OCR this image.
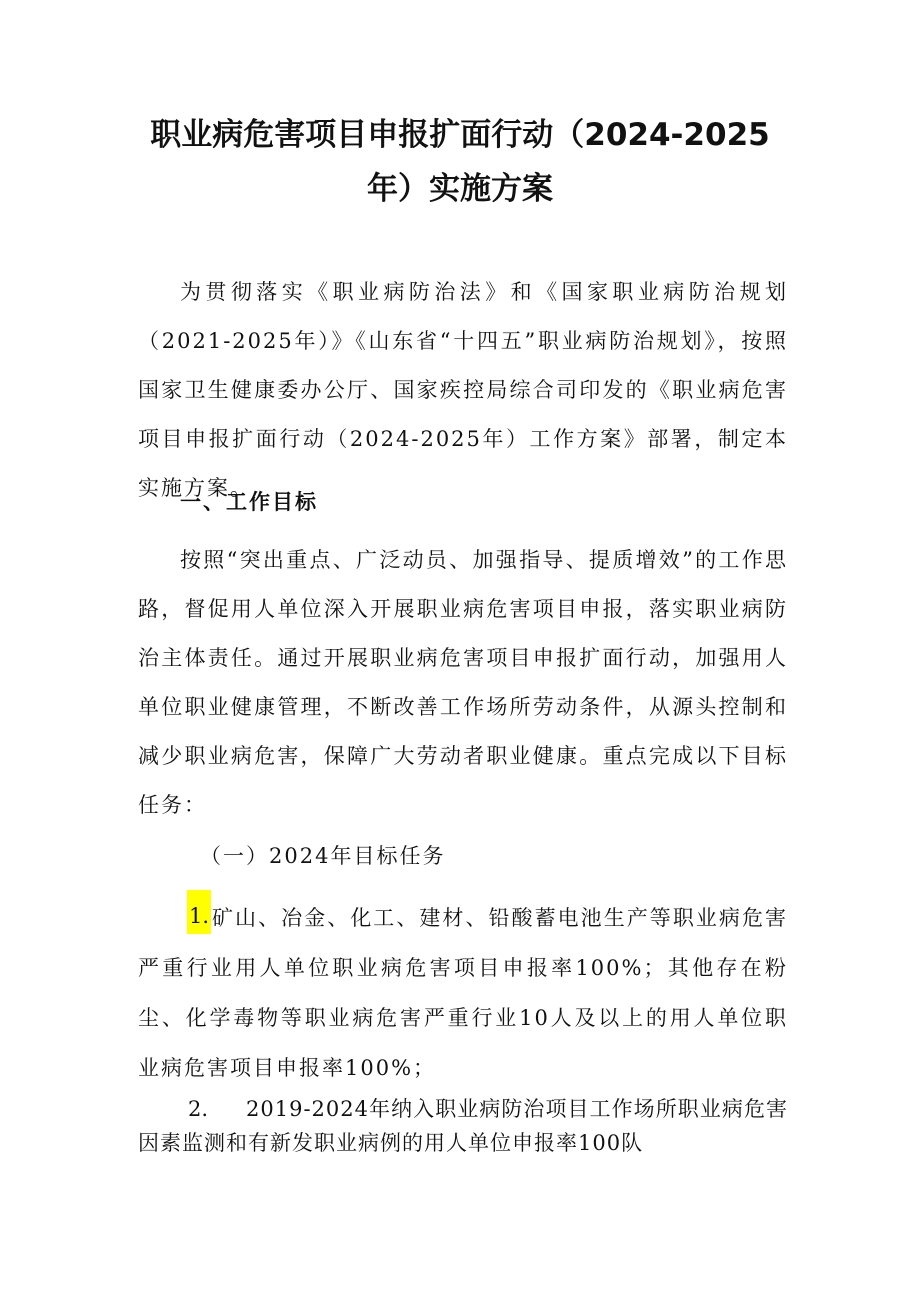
职业病危害项目申报扩面行动（2024-2025
年）实施方案

为贯彻落实《职业病防治法》和《国家职业病防治规划（2021-2025年）》《山东省“十四五”职业病防治规划》，按照国家卫生健康委办公厅、国家疾控局综合司印发的《职业病危害项目申报扩面行动（2024-2025年）工作方案》部署，制定本实施方案。

一、工作目标

按照“突出重点、广泛动员、加强指导、提质增效”的工作思路，督促用人单位深入开展职业病危害项目申报，落实职业病防治主体责任。通过开展职业病危害项目申报扩面行动，加强用人单位职业健康管理，不断改善工作场所劳动条件，从源头控制和减少职业病危害，保障广大劳动者职业健康。重点完成以下目标任务：

（一）2024年目标任务
1. 矿山、冶金、化工、建材、铅酸蓄电池生产等职业病危害严重行业用人单位职业病危害项目申报率100%；其他存在粉尘、化学毒物等职业病危害严重行业10人及以上的用人单位职业病危害项目申报率100%；

2.	2019-2024年纳入职业病防治项目工作场所职业病危害因素监测和有新发职业病例的用人单位申报率100队
